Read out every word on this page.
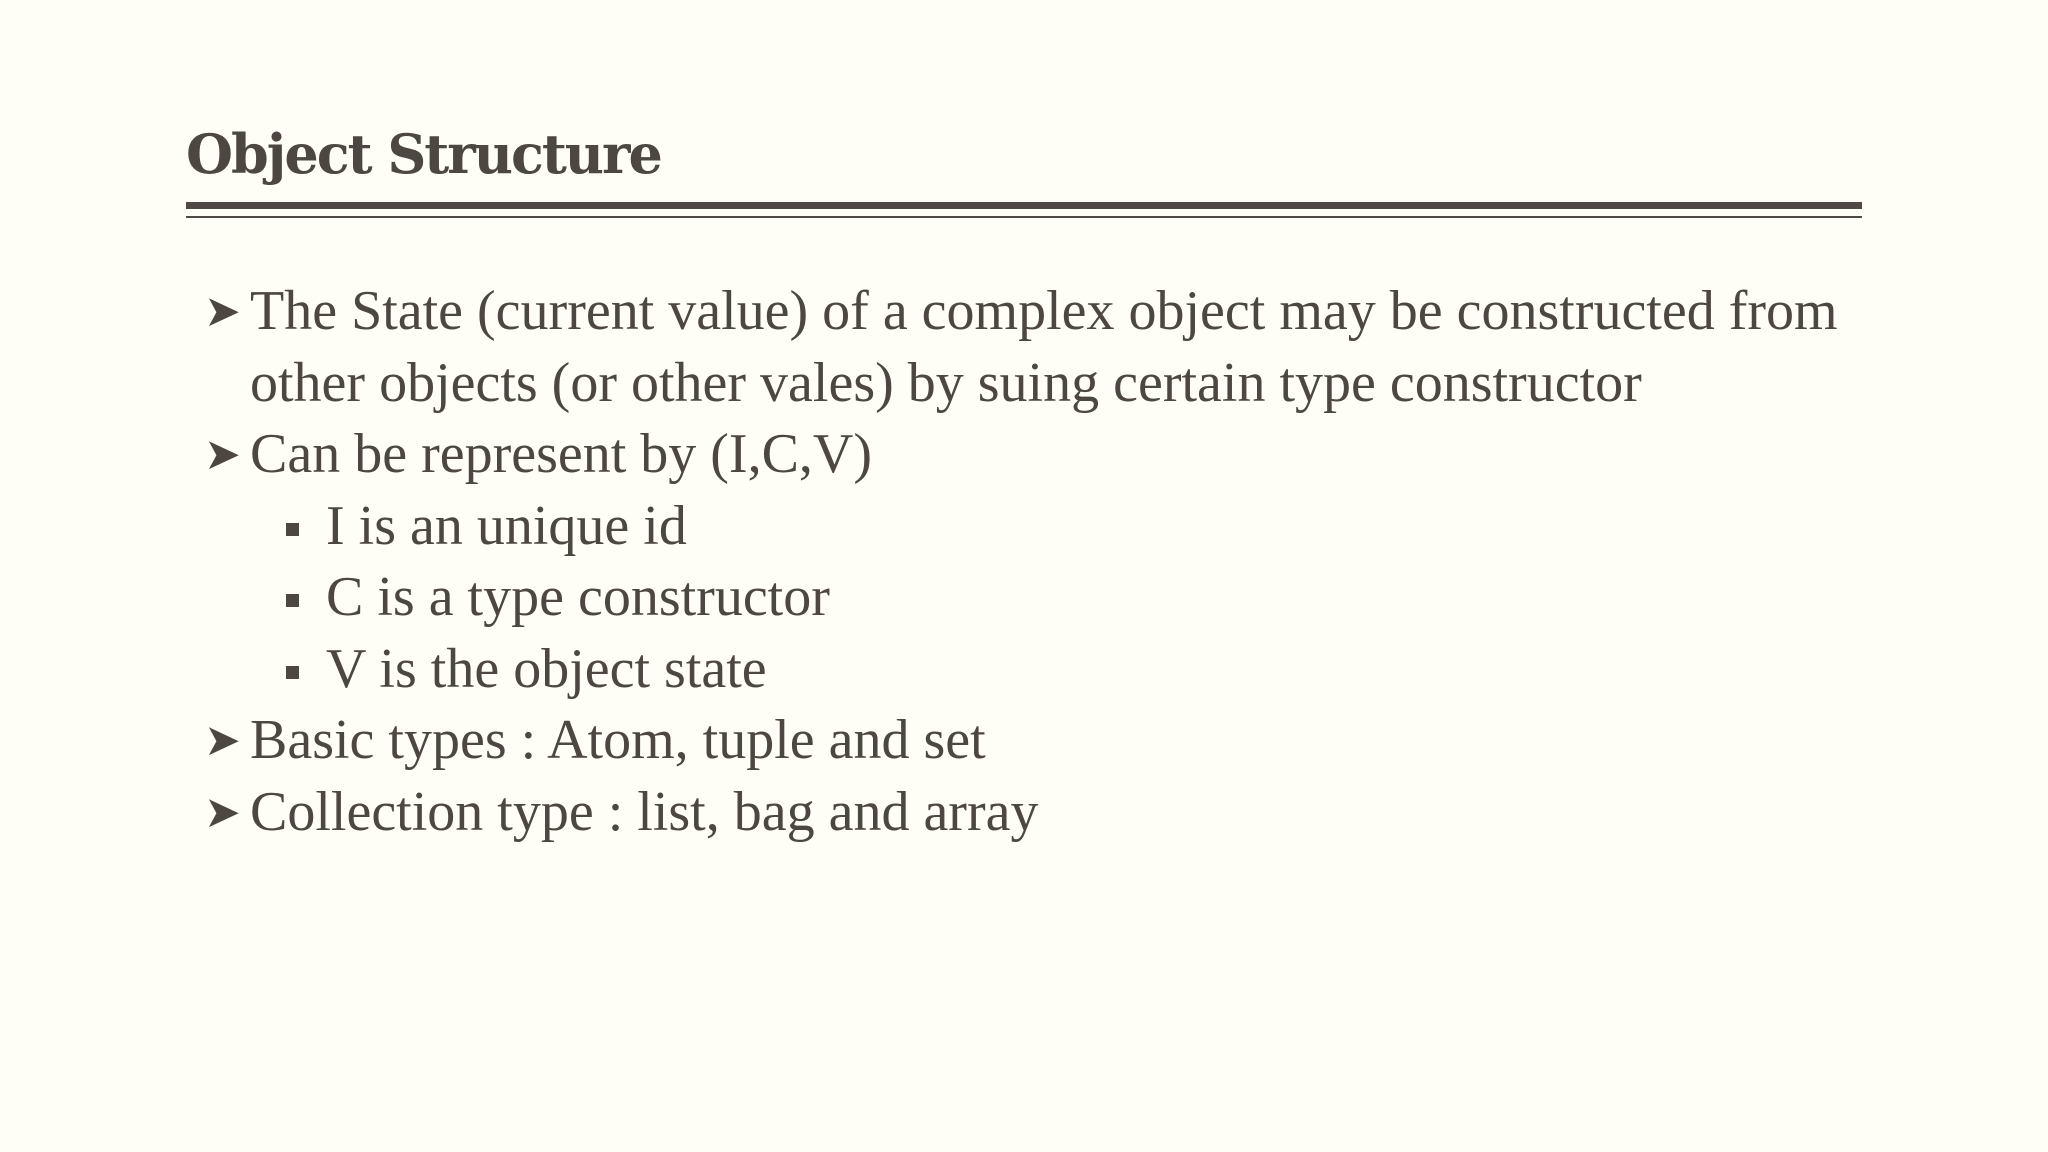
Object Structure
➤ The State (current value) of a complex object may be constructed from other objects (or other vales) by suing certain type constructor
➤ Can be represent by (I,C,V)
I is an unique id
C is a type constructor
V is the object state
➤ Basic types : Atom, tuple and set
➤ Collection type : list, bag and array
